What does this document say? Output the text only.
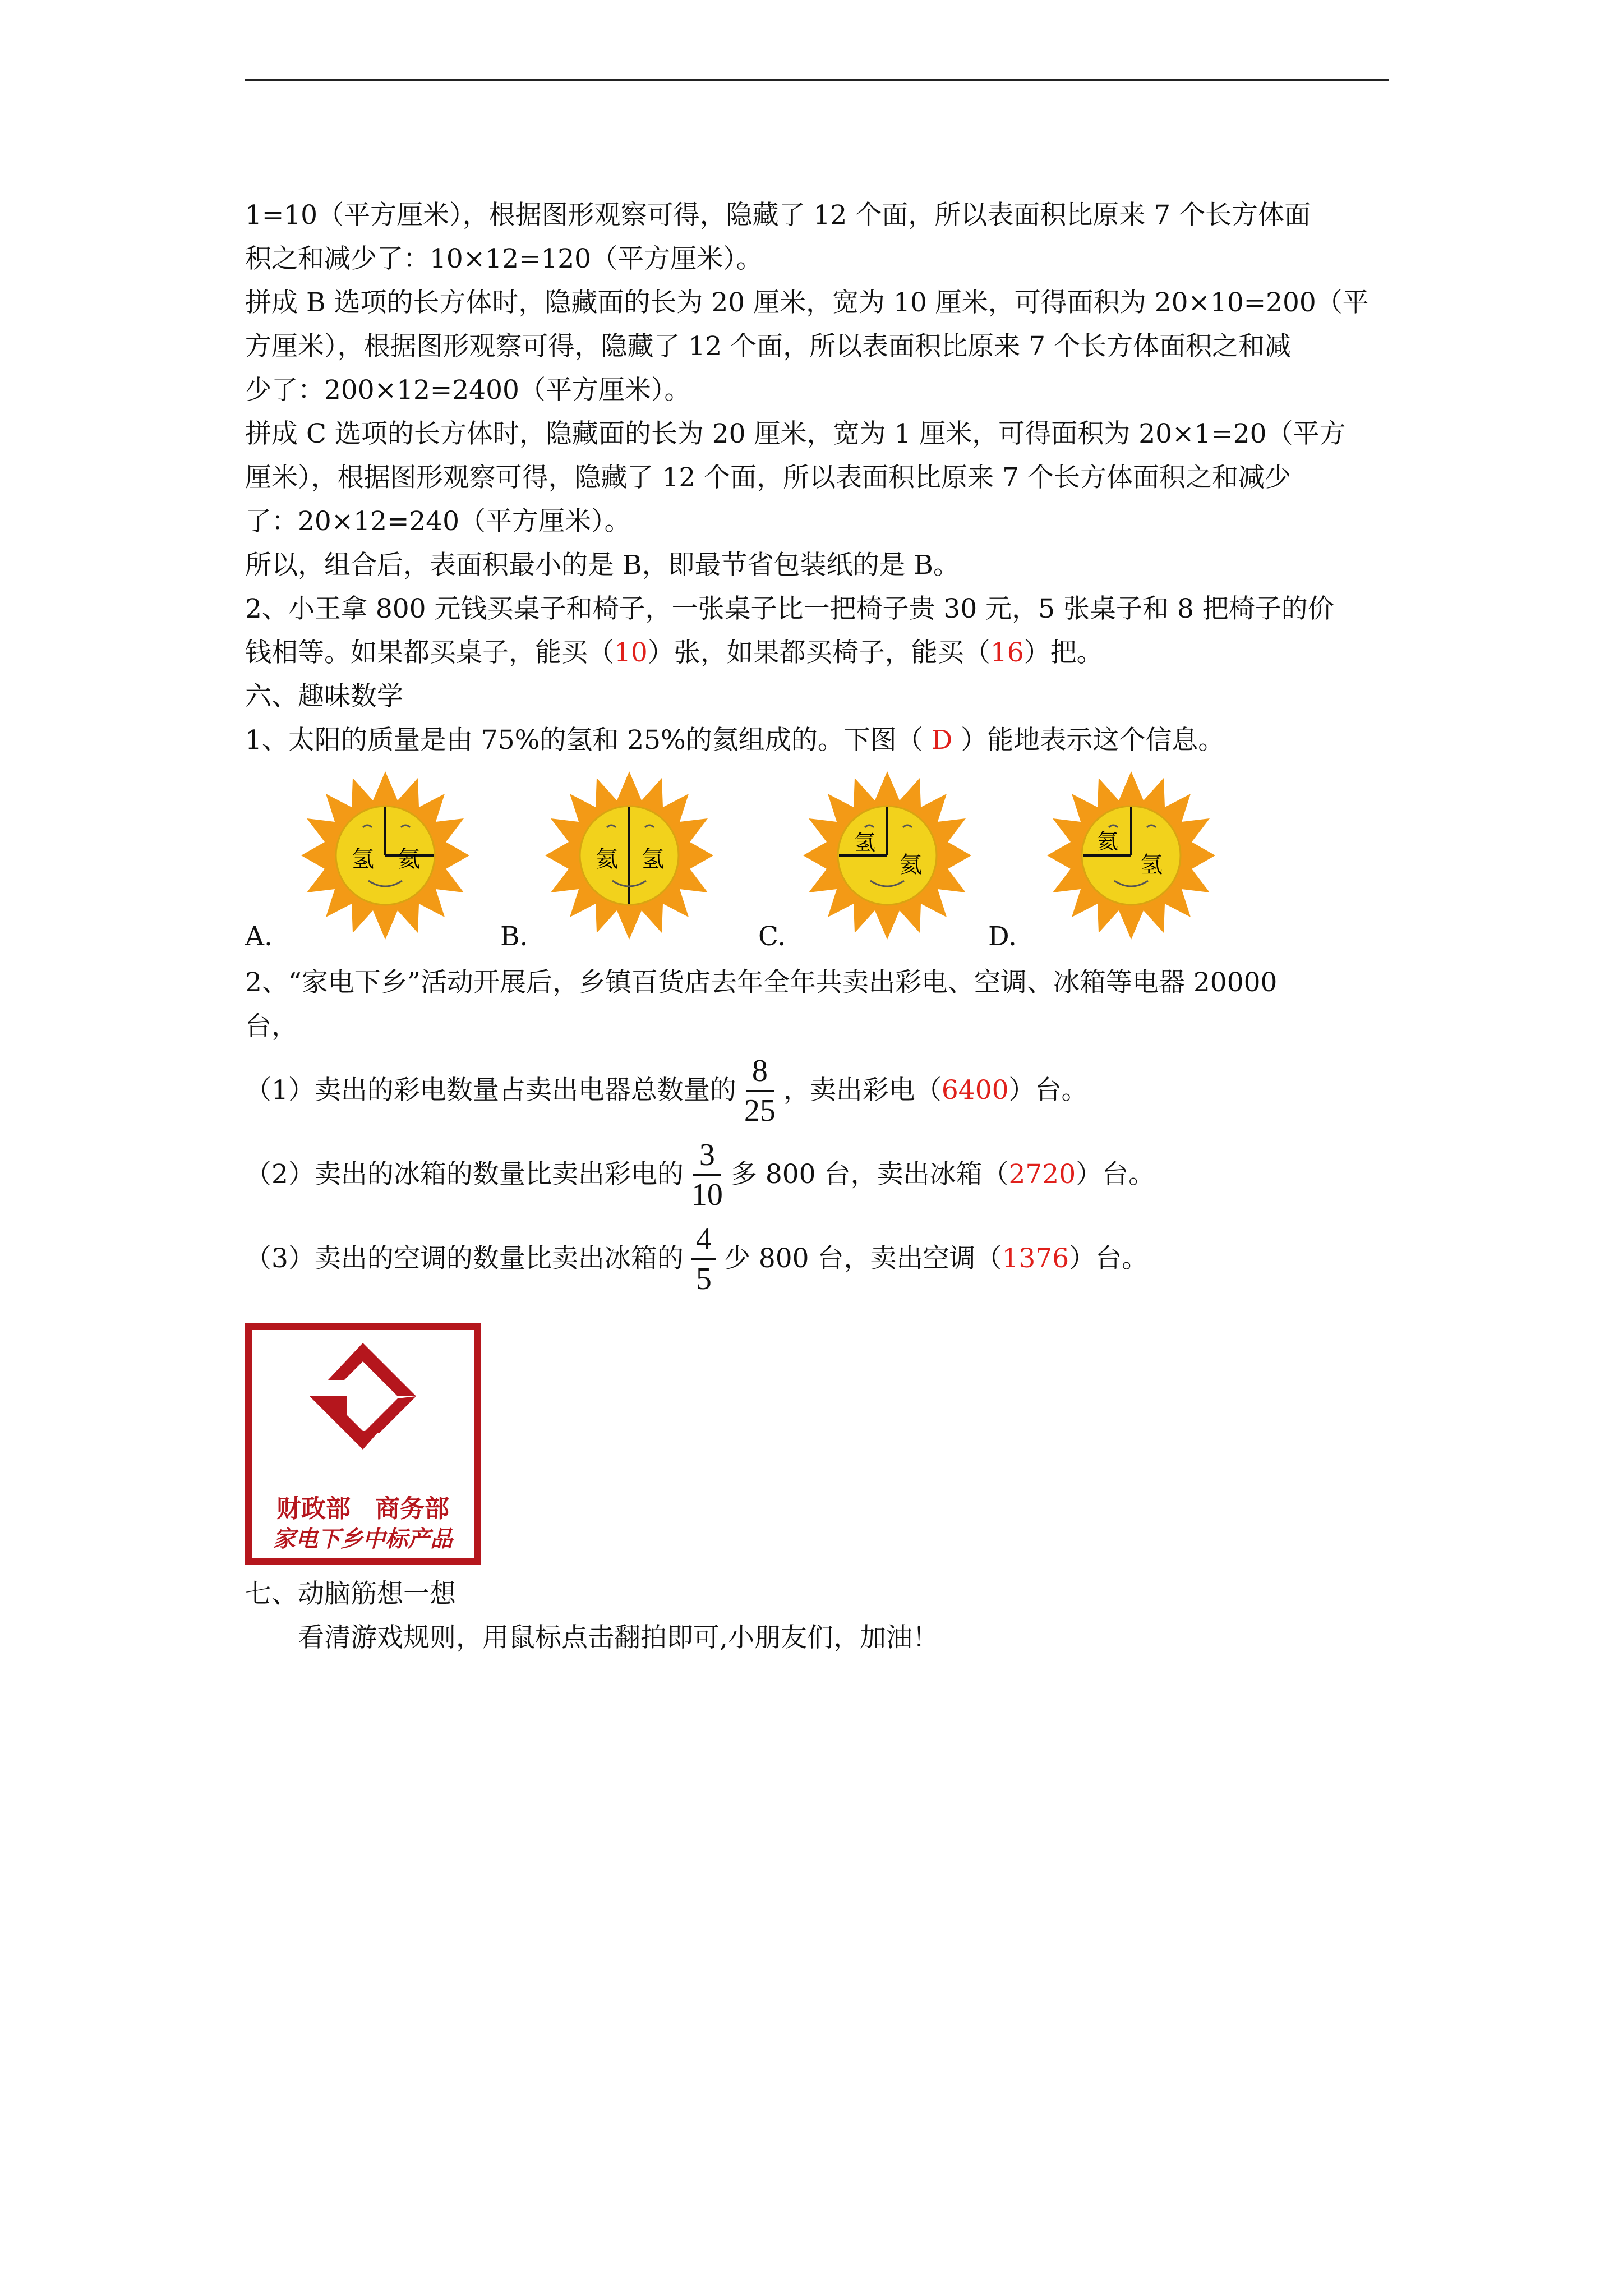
1=10（平方厘米），根据图形观察可得，隐藏了 12 个面，所以表面积比原来 7 个长方体面

积之和减少了：10×12=120（平方厘米）。

拼成 B 选项的长方体时，隐藏面的长为 20 厘米，宽为 10 厘米，可得面积为 20×10=200（平

方厘米），根据图形观察可得，隐藏了 12 个面，所以表面积比原来 7 个长方体面积之和减

少了：200×12=2400（平方厘米）。

拼成 C 选项的长方体时，隐藏面的长为 20 厘米，宽为 1 厘米，可得面积为 20×1=20（平方

厘米），根据图形观察可得，隐藏了 12 个面，所以表面积比原来 7 个长方体面积之和减少

了：20×12=240（平方厘米）。

所以，组合后，表面积最小的是 B，即最节省包装纸的是 B。

2、小王拿 800 元钱买桌子和椅子，一张桌子比一把椅子贵 30 元，5 张桌子和 8 把椅子的价

钱相等。如果都买桌子，能买（10）张，如果都买椅子，能买（16）把。

六、趣味数学

1、太阳的质量是由 75%的氢和 25%的氦组成的。下图（ D ）能地表示这个信息。

氢 氦
A.
氦 氢
B.
氢
氦
C.
氦
氢
D.

2、“家电下乡”活动开展后，乡镇百货店去年全年共卖出彩电、空调、冰箱等电器 20000

台，

（1）卖出的彩电数量占卖出电器总数量的 $\frac{8}{25}$ ，卖出彩电（ 6400 ）台。
（2）卖出的冰箱的数量比卖出彩电的 $\frac{3}{10}$ 多 800 台，卖出冰箱（ 2720 ）台。
（3）卖出的空调的数量比卖出冰箱的 $\frac{4}{5}$ 少 800 台，卖出空调（ 1376 ）台。
财政部　商务部
家电下乡中标产品

七、动脑筋想一想

看清游戏规则，用鼠标点击翻拍即可,小朋友们，加油！
